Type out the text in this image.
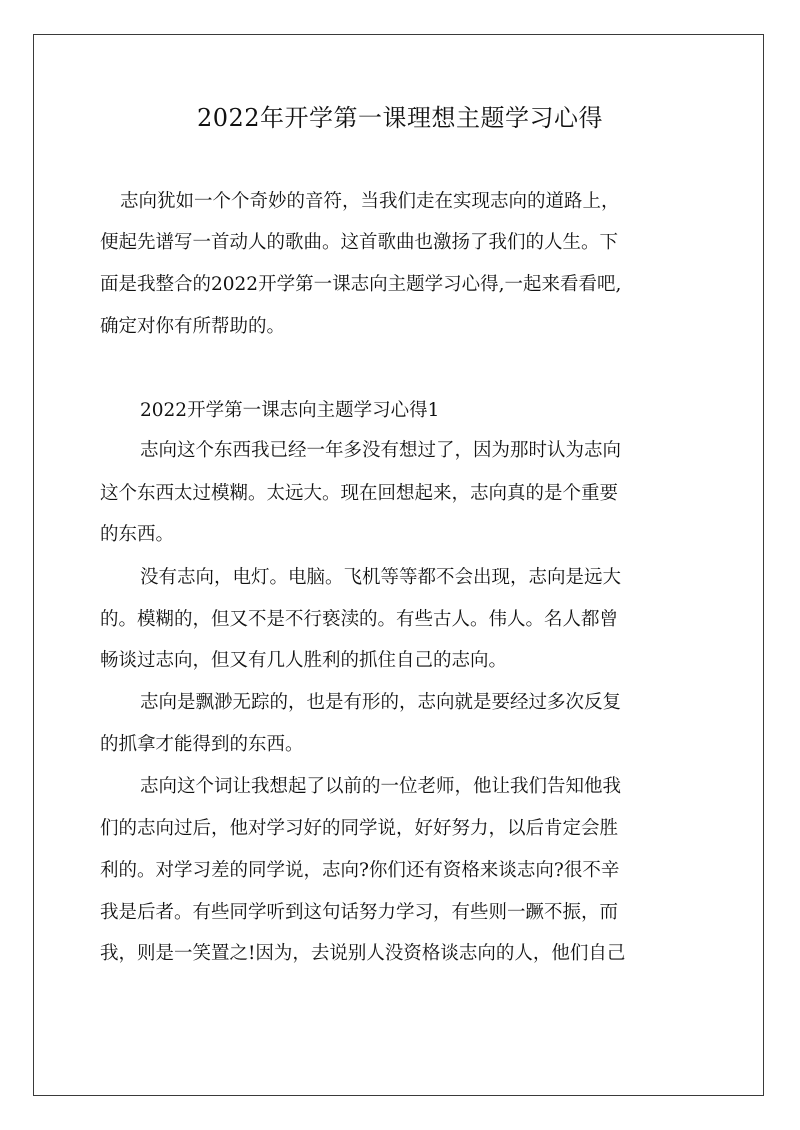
2022年开学第一课理想主题学习心得

志向犹如一个个奇妙的音符，当我们走在实现志向的道路上，

便起先谱写一首动人的歌曲。这首歌曲也激扬了我们的人生。下

面是我整合的2022开学第一课志向主题学习心得,一起来看看吧,

确定对你有所帮助的。

2022开学第一课志向主题学习心得1

志向这个东西我已经一年多没有想过了，因为那时认为志向

这个东西太过模糊。太远大。现在回想起来，志向真的是个重要

的东西。

没有志向，电灯。电脑。飞机等等都不会出现，志向是远大

的。模糊的，但又不是不行亵渎的。有些古人。伟人。名人都曾

畅谈过志向，但又有几人胜利的抓住自己的志向。

志向是飘渺无踪的，也是有形的，志向就是要经过多次反复

的抓拿才能得到的东西。

志向这个词让我想起了以前的一位老师，他让我们告知他我

们的志向过后，他对学习好的同学说，好好努力，以后肯定会胜

利的。对学习差的同学说，志向?你们还有资格来谈志向?很不辛

我是后者。有些同学听到这句话努力学习，有些则一蹶不振，而

我，则是一笑置之!因为，去说别人没资格谈志向的人，他们自己
